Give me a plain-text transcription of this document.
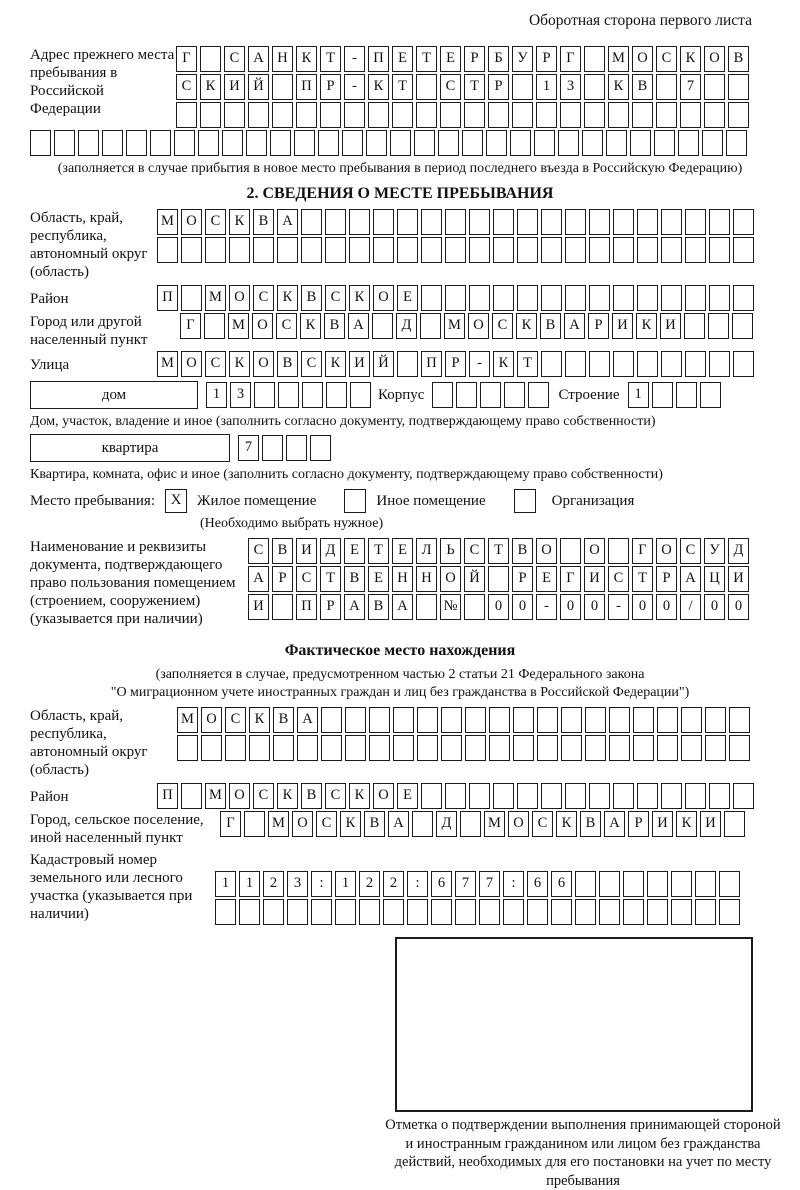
Оборотная сторона первого листа
Адрес прежнего места пребывания в Российской Федерации
Г	С А Н К	Т	-	П Е	Т	Е	Р	Б	У	Р	Г	М О С К О В
С К И Й	П	Р	-	К	Т	С	Т	Р	1	3	К В	7
(заполняется в случае прибытия в новое место пребывания в период последнего въезда в Российскую Федерацию)
2. СВЕДЕНИЯ О МЕСТЕ ПРЕБЫВАНИЯ
Область, край, республика, автономный округ (область)
М О С К В А
Район	П	М О С К В С К О Е
Город или другой населенный пункт
Г	М О С К В А	Д	М О С К В А	Р	И К И
Улица	М О С К О В С К И Й	П	Р	-	К	Т
дом	1	3	Корпус	Строение	1
Дом, участок, владение и иное (заполнить согласно документу, подтверждающему право собственности)
квартира	7
Квартира, комната, офис и иное (заполнить согласно документу, подтверждающему право собственности)
Место пребывания:	X	Жилое помещение	Иное помещение	Организация
(Необходимо выбрать нужное)
Наименование и реквизиты документа, подтверждающего право пользования помещением (строением, сооружением) (указывается при наличии)
С В И Д	Е	Т	Е	Л	Ь	С	Т	В О	О	Г	О С У Д
А	Р	С	Т	В	Е Н Н О Й	Р	Е	Г	И С	Т	Р	А Ц И
И	П	Р	А В А	№	0	0	-	0	0	-	0	0	/	0	0
Фактическое место нахождения
(заполняется в случае, предусмотренном частью 2 статьи 21 Федерального закона
"О миграционном учете иностранных граждан и лиц без гражданства в Российской Федерации")
Область, край, республика, автономный округ (область)
М О С К В А
Район	П	М О С К В С К О Е
Город, сельское поселение, иной населенный пункт
Г	М О С К В А	Д	М О С К В А	Р	И К И
Кадастровый номер земельного или лесного участка (указывается при наличии)
1	1	2	3	:	1	2	2	:	6	7	7	:	6	6
Отметка о подтверждении выполнения принимающей стороной и иностранным гражданином или лицом без гражданства действий, необходимых для его постановки на учет по месту пребывания
